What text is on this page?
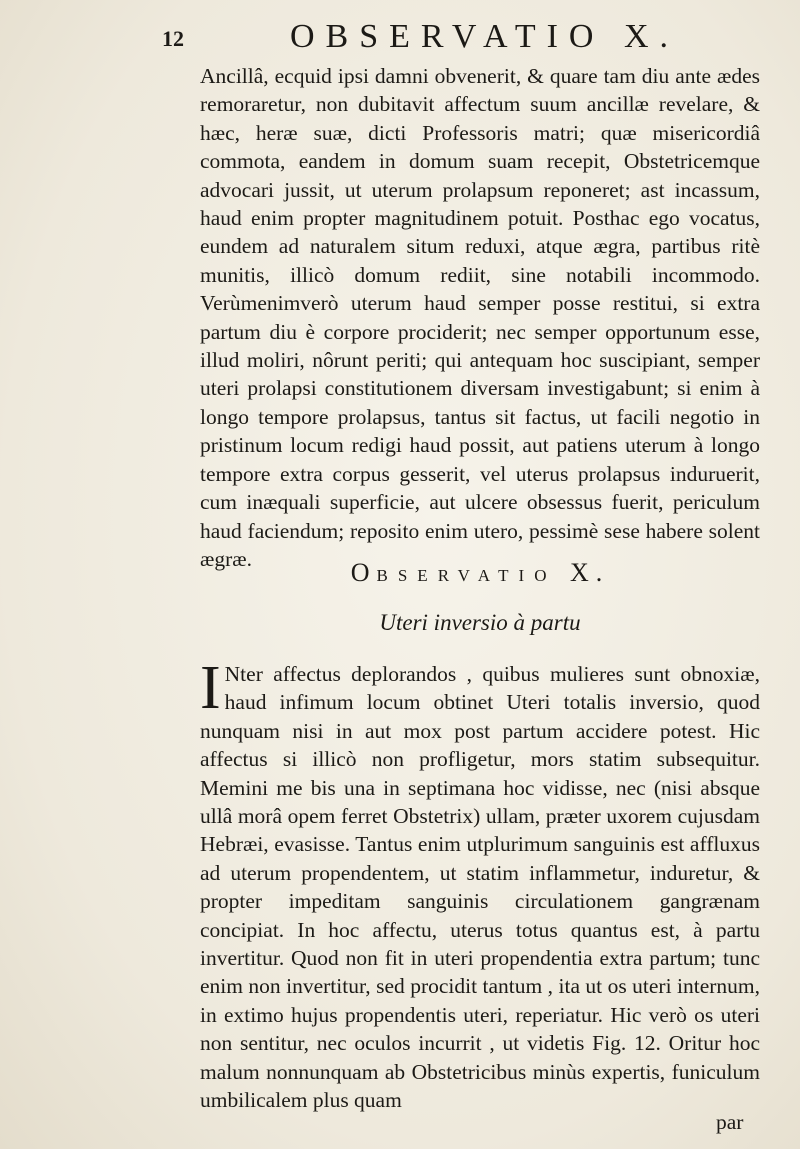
12	OBSERVATIO X.
Ancillâ, ecquid ipsi damni obvenerit, & quare tam diu ante ædes remoraretur, non dubitavit affectum suum ancillæ revelare, & hæc, heræ suæ, dicti Professoris matri; quæ misericordiâ commota, eandem in domum suam recepit, Obstetricemque advocari jussit, ut uterum prolapsum reponeret; ast incassum, haud enim propter magnitudinem potuit. Posthac ego vocatus, eundem ad naturalem situm reduxi, atque ægra, partibus ritè munitis, illicò domum rediit, sine notabili incommodo. Verùmenimverò uterum haud semper posse restitui, si extra partum diu è corpore prociderit; nec semper opportunum esse, illud moliri, nôrunt periti; qui antequam hoc suscipiant, semper uteri prolapsi constitutionem diversam investigabunt; si enim à longo tempore prolapsus, tantus sit factus, ut facili negotio in pristinum locum redigi haud possit, aut patiens uterum à longo tempore extra corpus gesserit, vel uterus prolapsus induruerit, cum inæquali superficie, aut ulcere obsessus fuerit, periculum haud faciendum; reposito enim utero, pessimè sese habere solent ægræ.	OBSERVATIO X.
Uteri inversio à partu
I Nter affectus deplorandos , quibus mulieres sunt obnoxiæ, haud infimum locum obtinet Uteri totalis inversio, quod nunquam nisi in aut mox post partum accidere potest. Hic affectus si illicò non profligetur, mors statim subsequitur. Memini me bis una in septimana hoc vidisse, nec (nisi absque ullâ morâ opem ferret Obstetrix) ullam, præter uxorem cujusdam Hebræi, evasisse. Tantus enim utplurimum sanguinis est affluxus ad uterum propendentem, ut statim inflammetur, induretur, & propter impeditam sanguinis circulationem gangrænam concipiat. In hoc affectu, uterus totus quantus est, à partu invertitur. Quod non fit in uteri propendentia extra partum; tunc enim non invertitur, sed procidit tantum , ita ut os uteri internum, in extimo hujus propendentis uteri, reperiatur. Hic verò os uteri non sentitur, nec oculos incurrit , ut videtis Fig. 12. Oritur hoc malum nonnunquam ab Obstetricibus minùs expertis, funiculum umbilicalem plus quam
par
